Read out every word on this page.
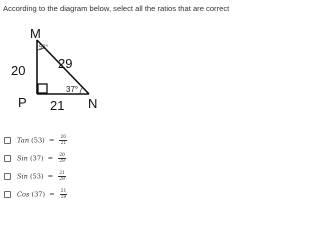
According to the diagram below, select all the ratios that are correct
M
P	N
20	29
21
53°
37°
Tan $(53) = \frac{20}{21}$
Sin $(37) = \frac{20}{29}$
Sin $(53) = \frac{21}{29}$
Cos $(37) = \frac{21}{29}$
